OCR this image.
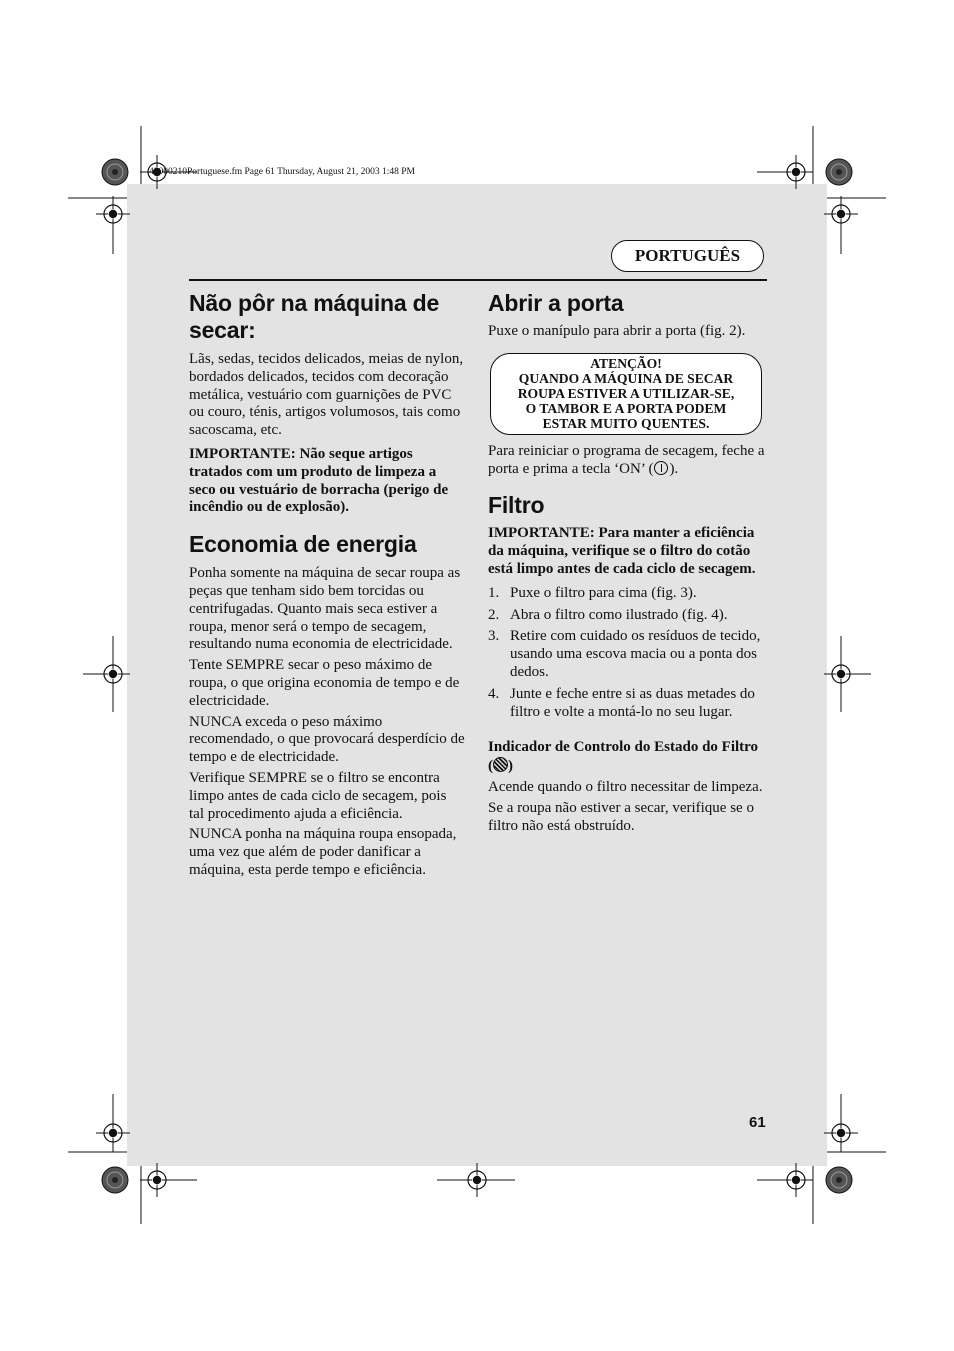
40000210Portuguese.fm Page 61 Thursday, August 21, 2003 1:48 PM
PORTUGUÊS
Não pôr na máquina de secar:

Lãs, sedas, tecidos delicados, meias de nylon, bordados delicados, tecidos com decoração metálica, vestuário com guarnições de PVC ou couro, ténis, artigos volumosos, tais como sacoscama, etc.

IMPORTANTE: Não seque artigos tratados com um produto de limpeza a seco ou vestuário de borracha (perigo de incêndio ou de explosão).

Economia de energia

Ponha somente na máquina de secar roupa as peças que tenham sido bem torcidas ou centrifugadas. Quanto mais seca estiver a roupa, menor será o tempo de secagem, resultando numa economia de electricidade.

Tente SEMPRE secar o peso máximo de roupa, o que origina economia de tempo e de electricidade.

NUNCA exceda o peso máximo recomendado, o que provocará desperdício de tempo e de electricidade.

Verifique SEMPRE se o filtro se encontra limpo antes de cada ciclo de secagem, pois tal procedimento ajuda a eficiência.

NUNCA ponha na máquina roupa ensopada, uma vez que além de poder danificar a máquina, esta perde tempo e eficiência.

Abrir a porta

Puxe o manípulo para abrir a porta (fig. 2).

ATENÇÃO!
QUANDO A MÁQUINA DE SECAR
ROUPA ESTIVER A UTILIZAR-SE,
O TAMBOR E A PORTA PODEM
ESTAR MUITO QUENTES.

Para reiniciar o programa de secagem, feche a porta e prima a tecla ‘ON’ ( ).

Filtro

IMPORTANTE: Para manter a eficiência da máquina, verifique se o filtro do cotão está limpo antes de cada ciclo de secagem.

1. Puxe o filtro para cima (fig. 3).
2. Abra o filtro como ilustrado (fig. 4).
3. Retire com cuidado os resíduos de tecido, usando uma escova macia ou a ponta dos dedos.
4. Junte e feche entre si as duas metades do filtro e volte a montá-lo no seu lugar.

Indicador de Controlo do Estado do Filtro ( )

Acende quando o filtro necessitar de limpeza.

Se a roupa não estiver a secar, verifique se o filtro não está obstruído.

61
